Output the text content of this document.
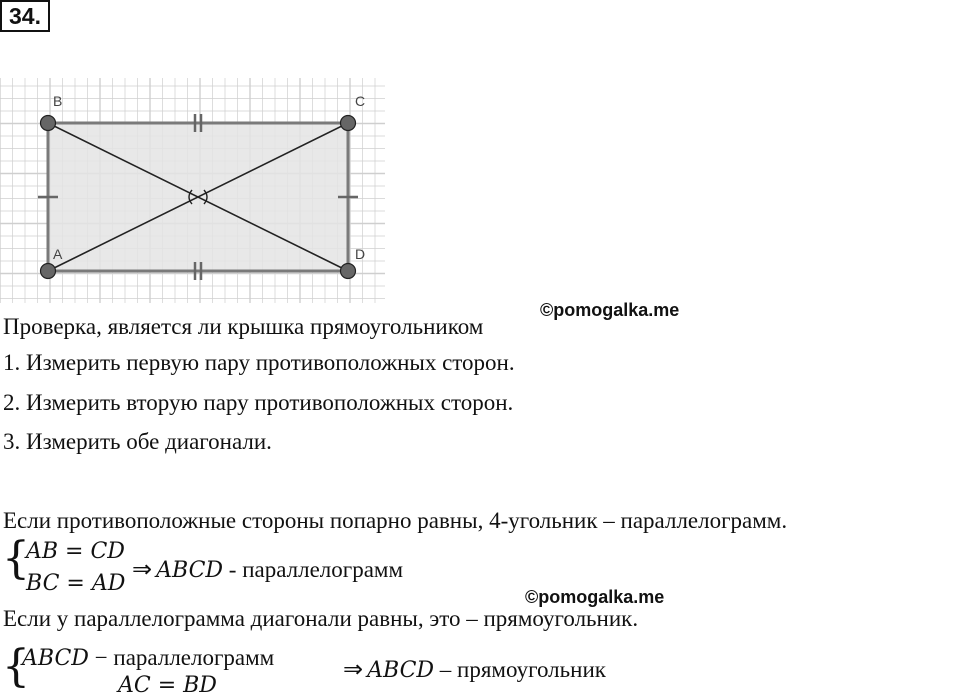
34.
B	C
A	D
©pomogalka.me
Проверка, является ли крышка прямоугольником
1. Измерить первую пару противоположных сторон.
2. Измерить вторую пару противоположных сторон.
3. Измерить обе диагонали.
Если противоположные стороны попарно равны, 4-угольник – параллелограмм.
{
AB = CD
BC = AD
⇒ ABCD - параллелограмм
©pomogalka.me
Если у параллелограмма диагонали равны, это – прямоугольник.
{
ABCD − параллелограмм
AC = BD
⇒ ABCD – прямоугольник
